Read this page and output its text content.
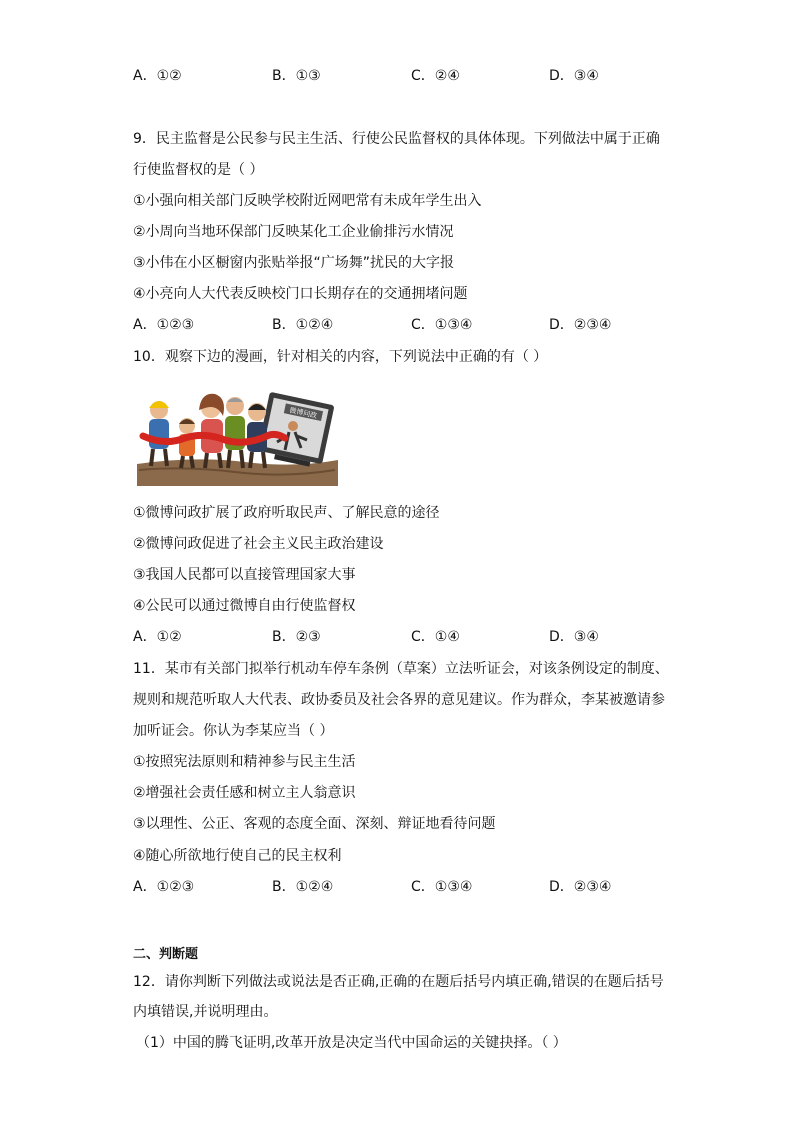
A．①②	B．①③	C．②④	D．③④
9．民主监督是公民参与民主生活、行使公民监督权的具体体现。下列做法中属于正确
行使监督权的是（ ）
①小强向相关部门反映学校附近网吧常有未成年学生出入
②小周向当地环保部门反映某化工企业偷排污水情况
③小伟在小区橱窗内张贴举报“广场舞”扰民的大字报
④小亮向人大代表反映校门口长期存在的交通拥堵问题
A．①②③	B．①②④	C．①③④	D．②③④
10．观察下边的漫画，针对相关的内容，下列说法中正确的有（ ）
微博问政
①微博问政扩展了政府听取民声、了解民意的途径
②微博问政促进了社会主义民主政治建设
③我国人民都可以直接管理国家大事
④公民可以通过微博自由行使监督权
A．①②	B．②③	C．①④	D．③④
11．某市有关部门拟举行机动车停车条例（草案）立法听证会，对该条例设定的制度、
规则和规范听取人大代表、政协委员及社会各界的意见建议。作为群众，李某被邀请参
加听证会。你认为李某应当（ ）
①按照宪法原则和精神参与民主生活
②增强社会责任感和树立主人翁意识
③以理性、公正、客观的态度全面、深刻、辩证地看待问题
④随心所欲地行使自己的民主权利
A．①②③	B．①②④	C．①③④	D．②③④
二、判断题
12．请你判断下列做法或说法是否正确,正确的在题后括号内填正确,错误的在题后括号
内填错误,并说明理由。
（1）中国的腾飞证明,改革开放是决定当代中国命运的关键抉择。（ ）
